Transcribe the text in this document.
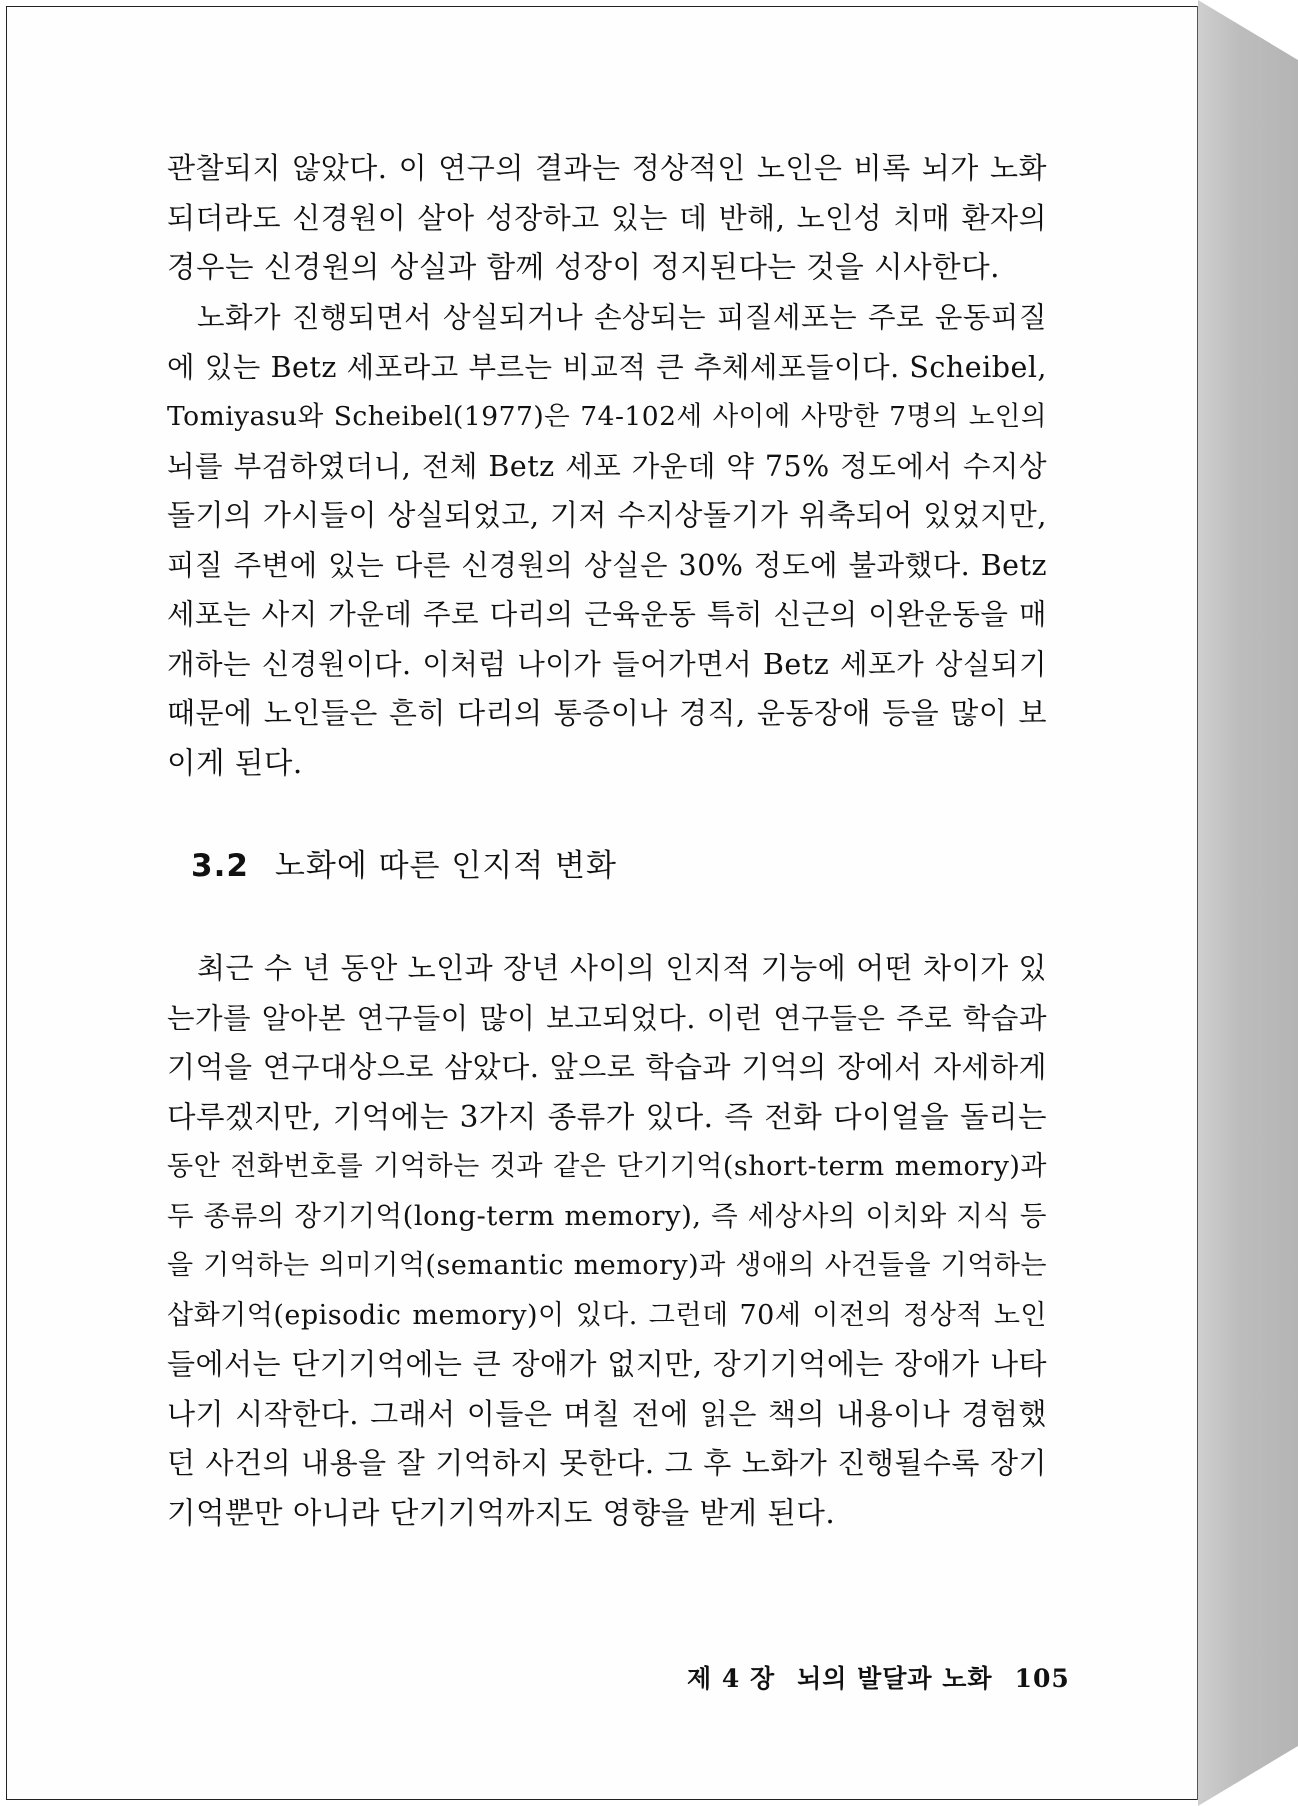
관찰되지 않았다. 이 연구의 결과는 정상적인 노인은 비록 뇌가 노화
되더라도 신경원이 살아 성장하고 있는 데 반해, 노인성 치매 환자의
경우는 신경원의 상실과 함께 성장이 정지된다는 것을 시사한다.
노화가 진행되면서 상실되거나 손상되는 피질세포는 주로 운동피질
에 있는 Betz 세포라고 부르는 비교적 큰 추체세포들이다. Scheibel,
Tomiyasu와 Scheibel(1977)은 74-102세 사이에 사망한 7명의 노인의
뇌를 부검하였더니, 전체 Betz 세포 가운데 약 75% 정도에서 수지상
돌기의 가시들이 상실되었고, 기저 수지상돌기가 위축되어 있었지만,
피질 주변에 있는 다른 신경원의 상실은 30% 정도에 불과했다. Betz
세포는 사지 가운데 주로 다리의 근육운동 특히 신근의 이완운동을 매
개하는 신경원이다. 이처럼 나이가 들어가면서 Betz 세포가 상실되기
때문에 노인들은 흔히 다리의 통증이나 경직, 운동장애 등을 많이 보
이게 된다.
3.2 노화에 따른 인지적 변화
최근 수 년 동안 노인과 장년 사이의 인지적 기능에 어떤 차이가 있
는가를 알아본 연구들이 많이 보고되었다. 이런 연구들은 주로 학습과
기억을 연구대상으로 삼았다. 앞으로 학습과 기억의 장에서 자세하게
다루겠지만, 기억에는 3가지 종류가 있다. 즉 전화 다이얼을 돌리는
동안 전화번호를 기억하는 것과 같은 단기기억(short-term memory)과
두 종류의 장기기억(long-term memory), 즉 세상사의 이치와 지식 등
을 기억하는 의미기억(semantic memory)과 생애의 사건들을 기억하는
삽화기억(episodic memory)이 있다. 그런데 70세 이전의 정상적 노인
들에서는 단기기억에는 큰 장애가 없지만, 장기기억에는 장애가 나타
나기 시작한다. 그래서 이들은 며칠 전에 읽은 책의 내용이나 경험했
던 사건의 내용을 잘 기억하지 못한다. 그 후 노화가 진행될수록 장기
기억뿐만 아니라 단기기억까지도 영향을 받게 된다.
제 4 장 뇌의 발달과 노화 105
